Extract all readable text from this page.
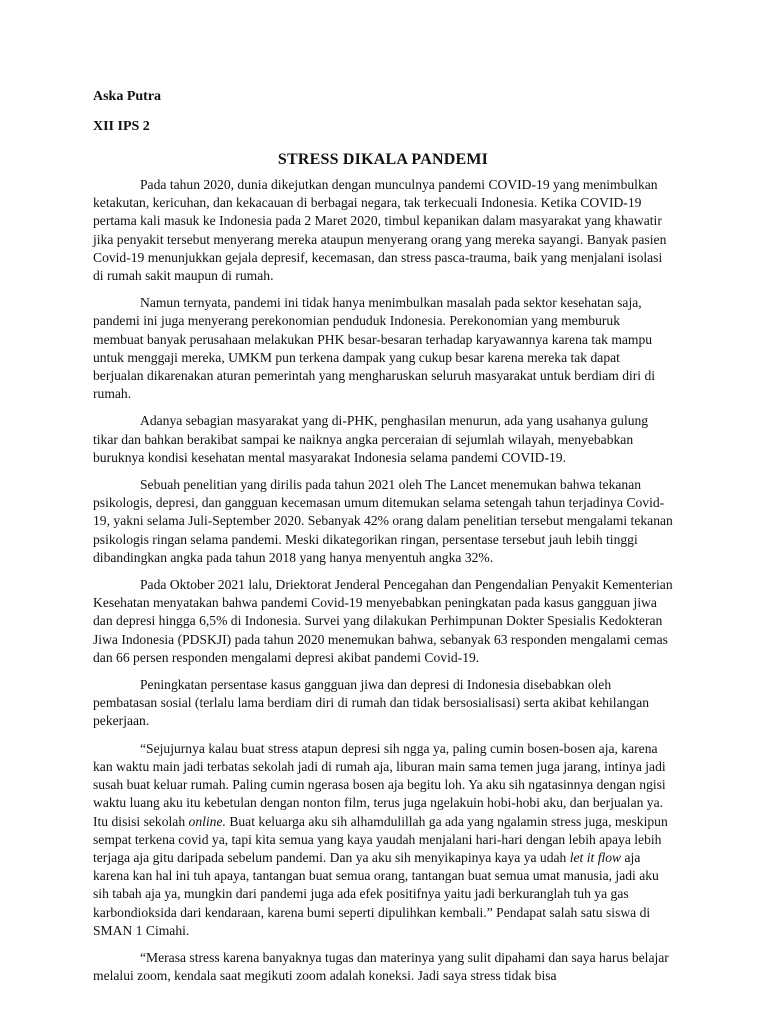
Aska Putra

XII IPS 2

STRESS DIKALA PANDEMI

Pada tahun 2020, dunia dikejutkan dengan munculnya pandemi COVID-19 yang menimbulkan ketakutan, kericuhan, dan kekacauan di berbagai negara, tak terkecuali Indonesia. Ketika COVID-19 pertama kali masuk ke Indonesia pada 2 Maret 2020, timbul kepanikan dalam masyarakat yang khawatir jika penyakit tersebut menyerang mereka ataupun menyerang orang yang mereka sayangi. Banyak pasien Covid-19 menunjukkan gejala depresif, kecemasan, dan stress pasca-trauma, baik yang menjalani isolasi di rumah sakit maupun di rumah.

Namun ternyata, pandemi ini tidak hanya menimbulkan masalah pada sektor kesehatan saja, pandemi ini juga menyerang perekonomian penduduk Indonesia. Perekonomian yang memburuk membuat banyak perusahaan melakukan PHK besar-besaran terhadap karyawannya karena tak mampu untuk menggaji mereka, UMKM pun terkena dampak yang cukup besar karena mereka tak dapat berjualan dikarenakan aturan pemerintah yang mengharuskan seluruh masyarakat untuk berdiam diri di rumah.

Adanya sebagian masyarakat yang di-PHK, penghasilan menurun, ada yang usahanya gulung tikar dan bahkan berakibat sampai ke naiknya angka perceraian di sejumlah wilayah, menyebabkan buruknya kondisi kesehatan mental masyarakat Indonesia selama pandemi COVID-19.

Sebuah penelitian yang dirilis pada tahun 2021 oleh The Lancet menemukan bahwa tekanan psikologis, depresi, dan gangguan kecemasan umum ditemukan selama setengah tahun terjadinya Covid-19, yakni selama Juli-September 2020. Sebanyak 42% orang dalam penelitian tersebut mengalami tekanan psikologis ringan selama pandemi. Meski dikategorikan ringan, persentase tersebut jauh lebih tinggi dibandingkan angka pada tahun 2018 yang hanya menyentuh angka 32%.

Pada Oktober 2021 lalu, Driektorat Jenderal Pencegahan dan Pengendalian Penyakit Kementerian Kesehatan menyatakan bahwa pandemi Covid-19 menyebabkan peningkatan pada kasus gangguan jiwa dan depresi hingga 6,5% di Indonesia. Survei yang dilakukan Perhimpunan Dokter Spesialis Kedokteran Jiwa Indonesia (PDSKJI) pada tahun 2020 menemukan bahwa, sebanyak 63 responden mengalami cemas dan 66 persen responden mengalami depresi akibat pandemi Covid-19.

Peningkatan persentase kasus gangguan jiwa dan depresi di Indonesia disebabkan oleh pembatasan sosial (terlalu lama berdiam diri di rumah dan tidak bersosialisasi) serta akibat kehilangan pekerjaan.

“Sejujurnya kalau buat stress atapun depresi sih ngga ya, paling cumin bosen-bosen aja, karena kan waktu main jadi terbatas sekolah jadi di rumah aja, liburan main sama temen juga jarang, intinya jadi susah buat keluar rumah. Paling cumin ngerasa bosen aja begitu loh. Ya aku sih ngatasinnya dengan ngisi waktu luang aku itu kebetulan dengan nonton film, terus juga ngelakuin hobi-hobi aku, dan berjualan ya. Itu disisi sekolah online. Buat keluarga aku sih alhamdulillah ga ada yang ngalamin stress juga, meskipun sempat terkena covid ya, tapi kita semua yang kaya yaudah menjalani hari-hari dengan lebih apaya lebih terjaga aja gitu daripada sebelum pandemi. Dan ya aku sih menyikapinya kaya ya udah let it flow aja karena kan hal ini tuh apaya, tantangan buat semua orang, tantangan buat semua umat manusia, jadi aku sih tabah aja ya, mungkin dari pandemi juga ada efek positifnya yaitu jadi berkuranglah tuh ya gas karbondioksida dari kendaraan, karena bumi seperti dipulihkan kembali.” Pendapat salah satu siswa di SMAN 1 Cimahi.

“Merasa stress karena banyaknya tugas dan materinya yang sulit dipahami dan saya harus belajar melalui zoom, kendala saat megikuti zoom adalah koneksi. Jadi saya stress tidak bisa
